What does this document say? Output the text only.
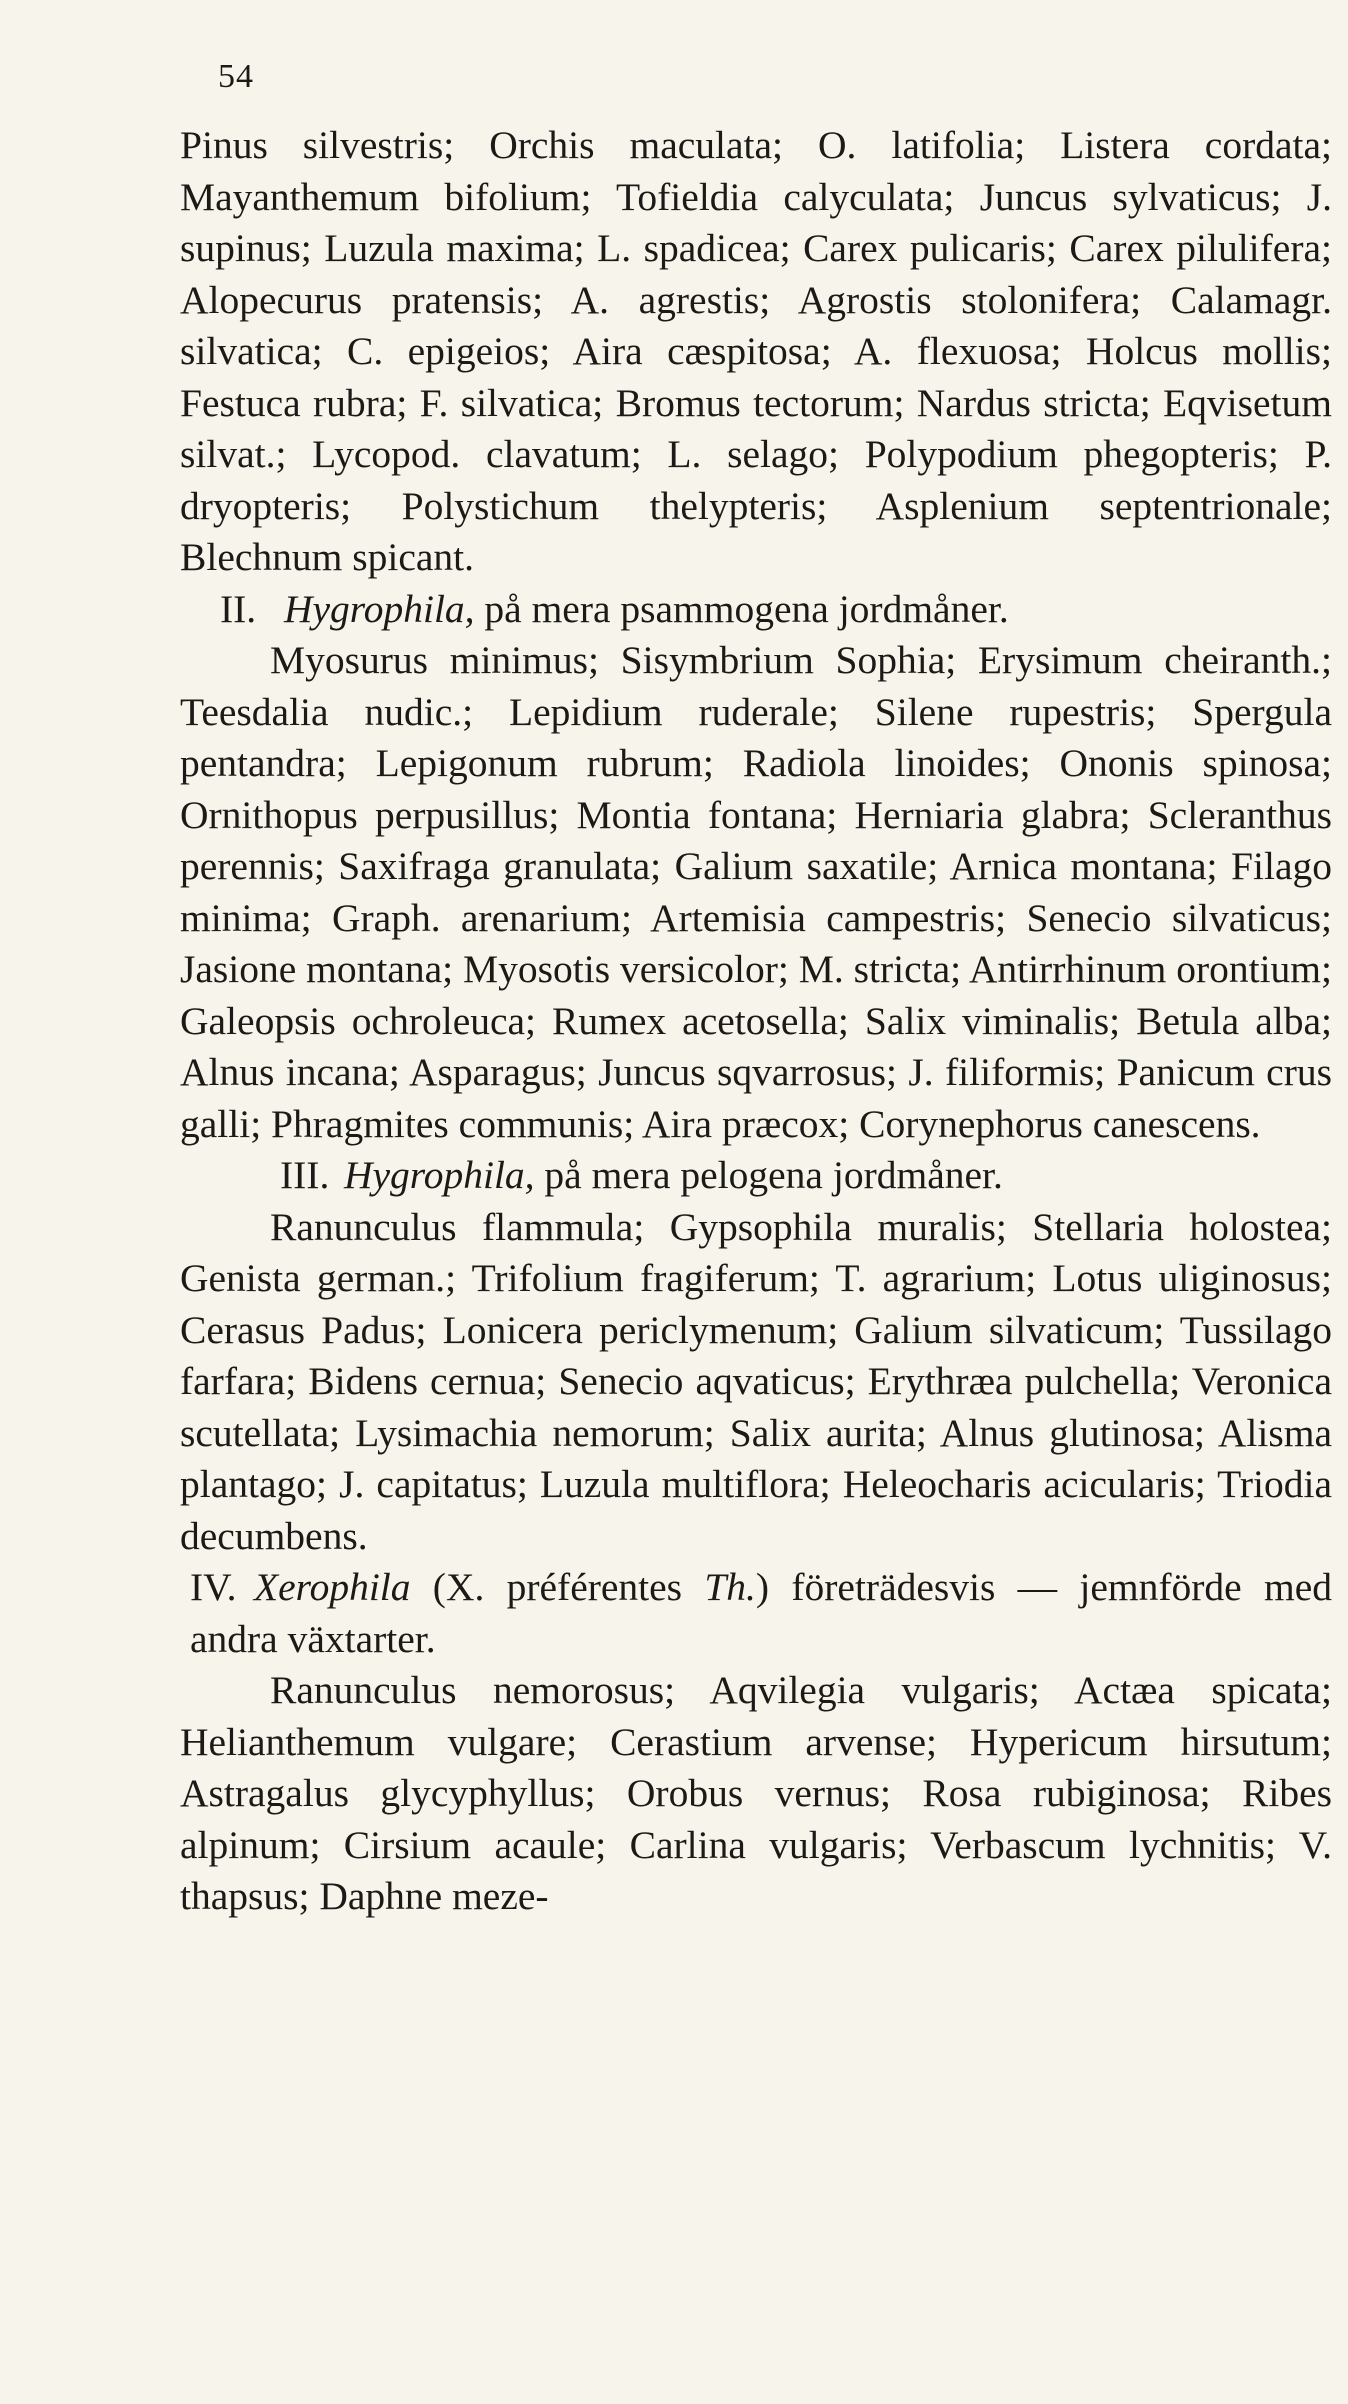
54

Pinus silvestris; Orchis maculata; O. latifolia; Listera cordata; Mayanthemum bifolium; Tofieldia calyculata; Juncus sylvaticus; J. supinus; Luzula maxima; L. spadicea; Carex pulicaris; Carex pilulifera; Alopecurus pratensis; A. agrestis; Agrostis stolonifera; Calamagr. silvatica; C. epigeios; Aira cæspitosa; A. flexuosa; Holcus mollis; Festuca rubra; F. silvatica; Bromus tectorum; Nardus stricta; Eqvisetum silvat.; Lycopod. clavatum; L. selago; Polypodium phegopteris; P. dryopteris; Polystichum thelypteris; Asplenium septentrionale; Blechnum spicant.

II. Hygrophila, på mera psammogena jordmåner.

Myosurus minimus; Sisymbrium Sophia; Erysimum cheiranth.; Teesdalia nudic.; Lepidium ruderale; Silene rupestris; Spergula pentandra; Lepigonum rubrum; Radiola linoides; Ononis spinosa; Ornithopus perpusillus; Montia fontana; Herniaria glabra; Scleranthus perennis; Saxifraga granulata; Galium saxatile; Arnica montana; Filago minima; Graph. arenarium; Artemisia campestris; Senecio silvaticus; Jasione montana; Myosotis versicolor; M. stricta; Antirrhinum orontium; Galeopsis ochroleuca; Rumex acetosella; Salix viminalis; Betula alba; Alnus incana; Asparagus; Juncus sqvarrosus; J. filiformis; Panicum crus galli; Phragmites communis; Aira præcox; Corynephorus canescens.

III. Hygrophila, på mera pelogena jordmåner.

Ranunculus flammula; Gypsophila muralis; Stellaria holostea; Genista german.; Trifolium fragiferum; T. agrarium; Lotus uliginosus; Cerasus Padus; Lonicera periclymenum; Galium silvaticum; Tussilago farfara; Bidens cernua; Senecio aqvaticus; Erythræa pulchella; Veronica scutellata; Lysimachia nemorum; Salix aurita; Alnus glutinosa; Alisma plantago; J. capitatus; Luzula multiflora; Heleocharis acicularis; Triodia decumbens.

IV. Xerophila (X. préférentes Th.) företrädesvis — jemnförde med andra växtarter.

Ranunculus nemorosus; Aqvilegia vulgaris; Actæa spicata; Helianthemum vulgare; Cerastium arvense; Hypericum hirsutum; Astragalus glycyphyllus; Orobus vernus; Rosa rubiginosa; Ribes alpinum; Cirsium acaule; Carlina vulgaris; Verbascum lychnitis; V. thapsus; Daphne meze-
